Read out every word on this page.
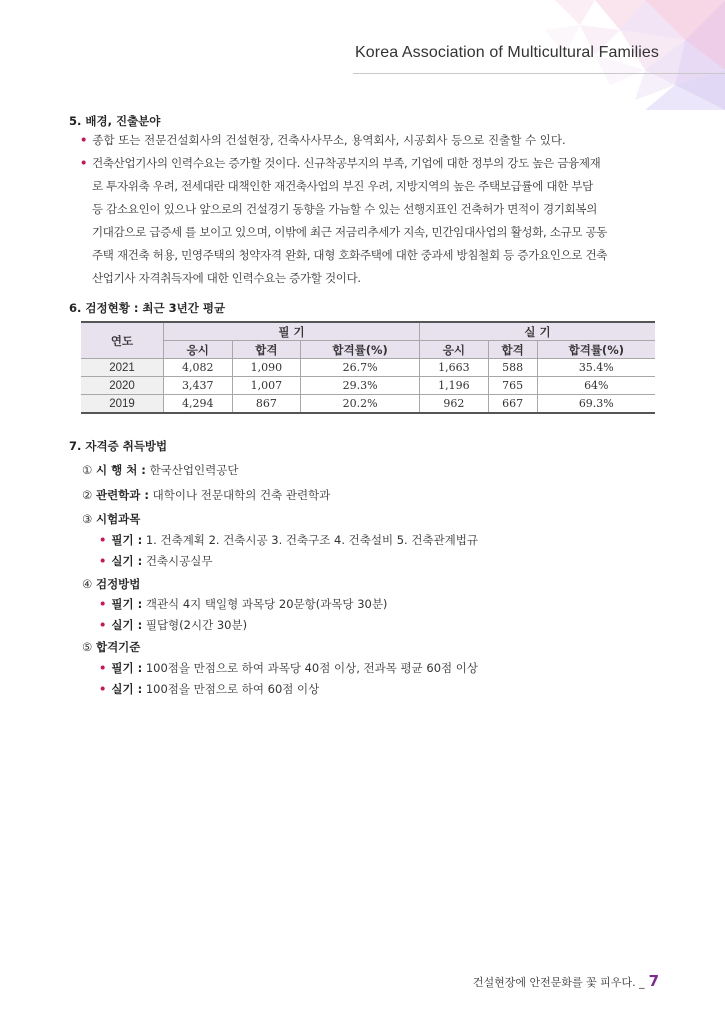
Korea Association of Multicultural Families
5. 배경, 진출분야
• 종합 또는 전문건설회사의 건설현장, 건축사사무소, 용역회사, 시공회사 등으로 진출할 수 있다.
• 건축산업기사의 인력수요는 증가할 것이다. 신규착공부지의 부족, 기업에 대한 정부의 강도 높은 금융제재
로 투자위축 우려, 전세대란 대책인한 재건축사업의 부진 우려, 지방지역의 높은 주택보급률에 대한 부담
등 감소요인이 있으나 앞으로의 건설경기 동향을 가늠할 수 있는 선행지표인 건축허가 면적이 경기회복의
기대감으로 급증세 를 보이고 있으며, 이밖에 최근 저금리추세가 지속, 민간임대사업의 활성화, 소규모 공동
주택 재건축 허용, 민영주택의 청약자격 완화, 대형 호화주택에 대한 중과세 방침철회 등 증가요인으로 건축
산업기사 자격취득자에 대한 인력수요는 증가할 것이다.
6. 검정현황 : 최근 3년간 평균
연도	필 기			실 기		
	응시	합격	합격률(%)	응시	합격	합격률(%)
2021	4,082	1,090	26.7%	1,663	588	35.4%
2020	3,437	1,007	29.3%	1,196	765	64%
2019	4,294	867	20.2%	962	667	69.3%
7. 자격증 취득방법
① 시 행 처 : 한국산업인력공단
② 관련학과 : 대학이나 전문대학의 건축 관련학과
③ 시험과목
• 필기 : 1. 건축계획 2. 건축시공 3. 건축구조 4. 건축설비 5. 건축관계법규
• 실기 : 건축시공실무
④ 검정방법
• 필기 : 객관식 4지 택일형 과목당 20문항(과목당 30분)
• 실기 : 필답형(2시간 30분)
⑤ 합격기준
• 필기 : 100점을 만점으로 하여 과목당 40점 이상, 전과목 평균 60점 이상
• 실기 : 100점을 만점으로 하여 60점 이상
건설현장에 안전문화를 꽃 피우다. _ 7
